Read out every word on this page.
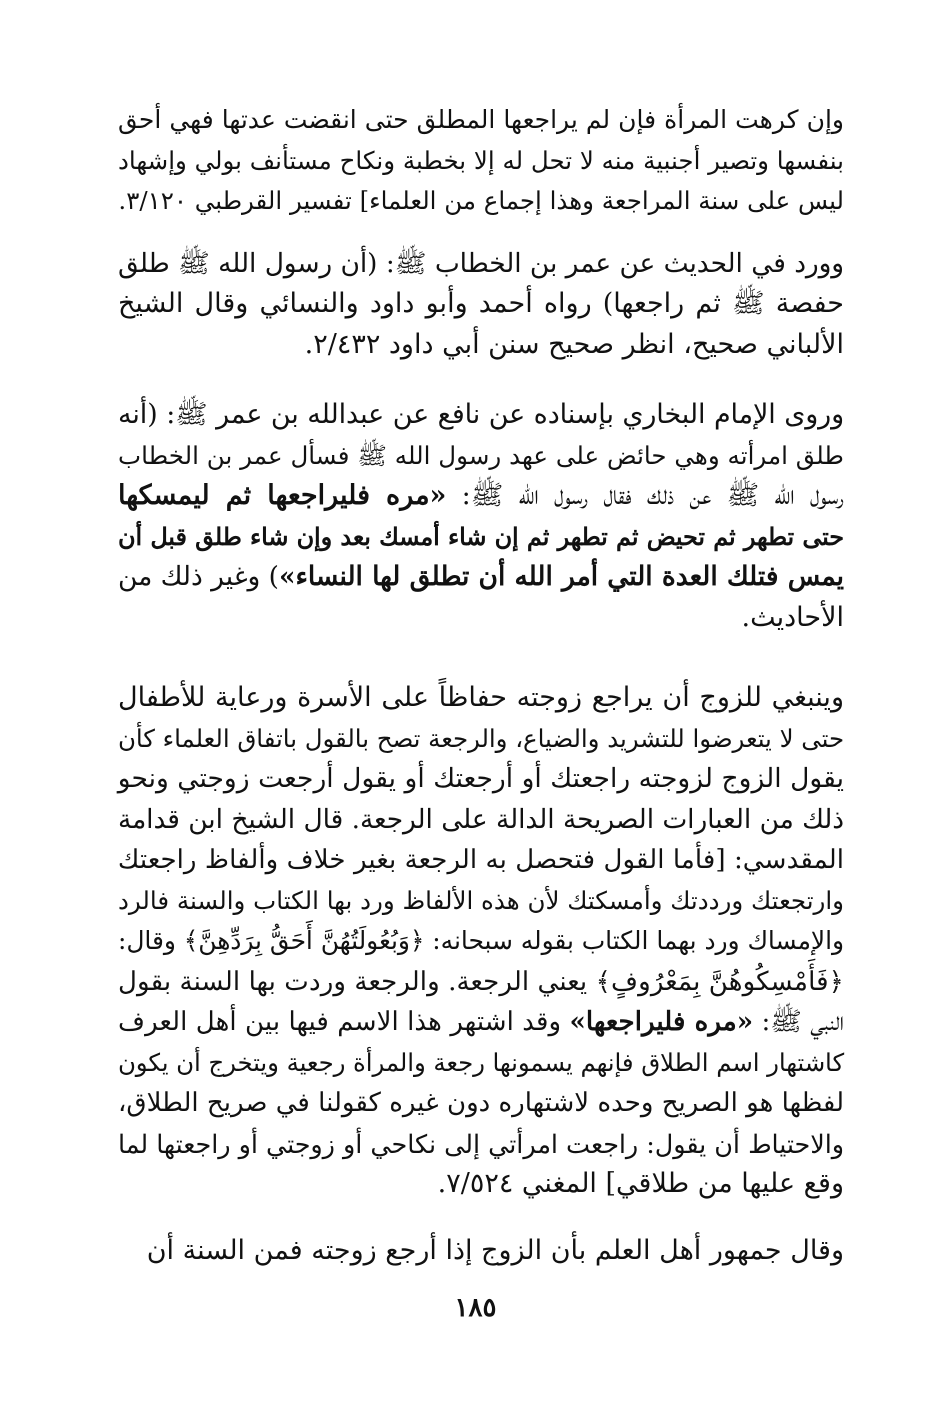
وإن كرهت المرأة فإن لم يراجعها المطلق حتى انقضت عدتها فهي أحق
بنفسها وتصير أجنبية منه لا تحل له إلا بخطبة ونكاح مستأنف بولي وإشهاد
ليس على سنة المراجعة وهذا إجماع من العلماء] تفسير القرطبي ٣/١٢٠.
وورد في الحديث عن عمر بن الخطاب ﷺ: (أن رسول الله ﷺ طلق
حفصة ﷺ ثم راجعها) رواه أحمد وأبو داود والنسائي وقال الشيخ
الألباني صحيح، انظر صحيح سنن أبي داود ٢/٤٣٢.
وروى الإمام البخاري بإسناده عن نافع عن عبدالله بن عمر ﷺ: (أنه
طلق امرأته وهي حائض على عهد رسول الله ﷺ فسأل عمر بن الخطاب
رسول الله ﷺ عن ذلك فقال رسول الله ﷺ: «مره فليراجعها ثم ليمسكها
حتى تطهر ثم تحيض ثم تطهر ثم إن شاء أمسك بعد وإن شاء طلق قبل أن
يمس فتلك العدة التي أمر الله أن تطلق لها النساء») وغير ذلك من
الأحاديث.
وينبغي للزوج أن يراجع زوجته حفاظاً على الأسرة ورعاية للأطفال
حتى لا يتعرضوا للتشريد والضياع، والرجعة تصح بالقول باتفاق العلماء كأن
يقول الزوج لزوجته راجعتك أو أرجعتك أو يقول أرجعت زوجتي ونحو
ذلك من العبارات الصريحة الدالة على الرجعة. قال الشيخ ابن قدامة
المقدسي: [فأما القول فتحصل به الرجعة بغير خلاف وألفاظ راجعتك
وارتجعتك ورددتك وأمسكتك لأن هذه الألفاظ ورد بها الكتاب والسنة فالرد
والإمساك ورد بهما الكتاب بقوله سبحانه: ﴿وَبُعُولَتُهُنَّ أَحَقُّ بِرَدِّهِنَّ﴾ وقال:
﴿فَأَمْسِكُوهُنَّ بِمَعْرُوفٍ﴾ يعني الرجعة. والرجعة وردت بها السنة بقول
النبي ﷺ: «مره فليراجعها» وقد اشتهر هذا الاسم فيها بين أهل العرف
كاشتهار اسم الطلاق فإنهم يسمونها رجعة والمرأة رجعية ويتخرج أن يكون
لفظها هو الصريح وحده لاشتهاره دون غيره كقولنا في صريح الطلاق،
والاحتياط أن يقول: راجعت امرأتي إلى نكاحي أو زوجتي أو راجعتها لما
وقع عليها من طلاقي] المغني ٧/٥٢٤.
وقال جمهور أهل العلم بأن الزوج إذا أرجع زوجته فمن السنة أن
١٨٥
